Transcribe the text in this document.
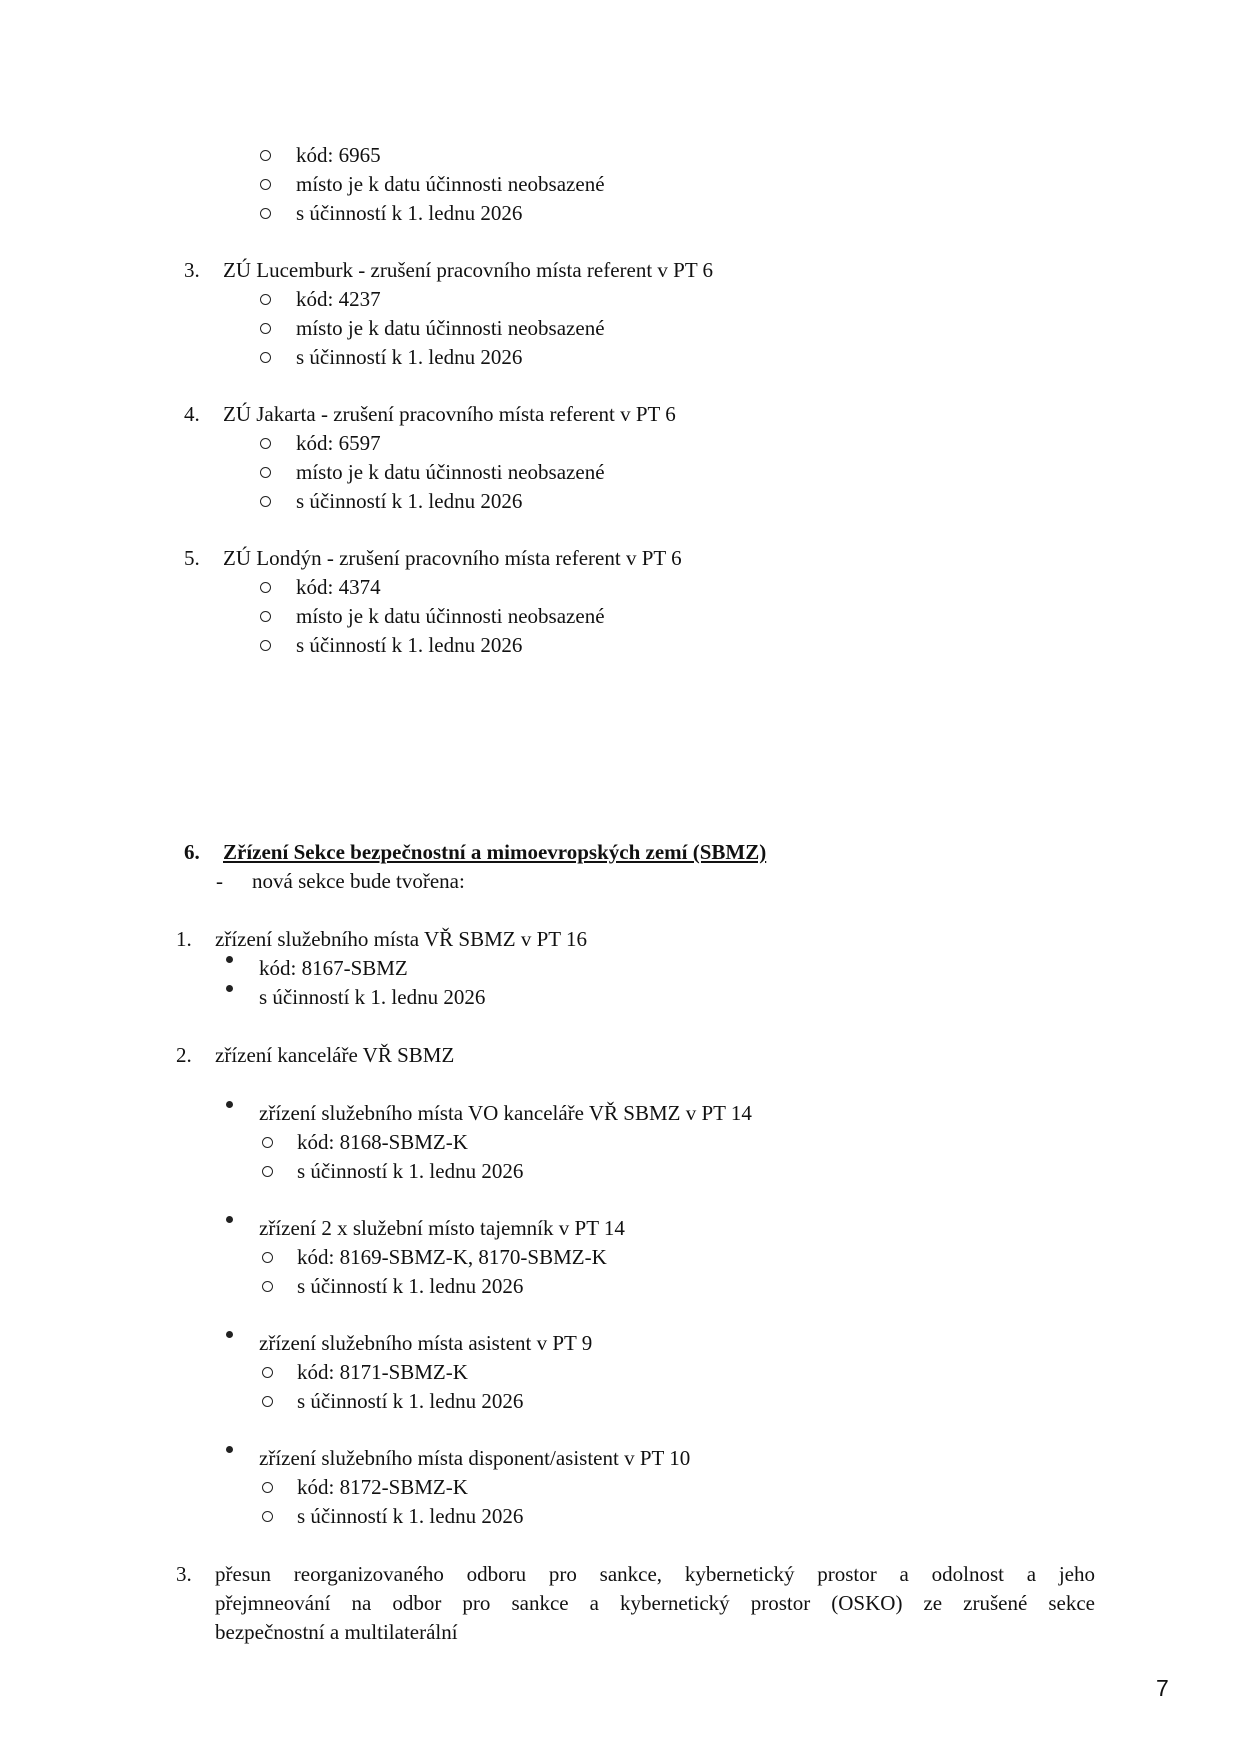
kód: 6965
místo je k datu účinnosti neobsazené
s účinností k 1. lednu 2026
3. ZÚ Lucemburk - zrušení pracovního místa referent v PT 6
kód: 4237
místo je k datu účinnosti neobsazené
s účinností k 1. lednu 2026
4. ZÚ Jakarta - zrušení pracovního místa referent v PT 6
kód: 6597
místo je k datu účinnosti neobsazené
s účinností k 1. lednu 2026
5. ZÚ Londýn - zrušení pracovního místa referent v PT 6
kód: 4374
místo je k datu účinnosti neobsazené
s účinností k 1. lednu 2026
6. Zřízení Sekce bezpečnostní a mimoevropských zemí (SBMZ)
- nová sekce bude tvořena:
1. zřízení služebního místa VŘ SBMZ v PT 16
kód: 8167-SBMZ
s účinností k 1. lednu 2026
2. zřízení kanceláře VŘ SBMZ
zřízení služebního místa VO kanceláře VŘ SBMZ v PT 14
kód: 8168-SBMZ-K
s účinností k 1. lednu 2026
zřízení 2 x služební místo tajemník v PT 14
kód: 8169-SBMZ-K, 8170-SBMZ-K
s účinností k 1. lednu 2026
zřízení služebního místa asistent v PT 9
kód: 8171-SBMZ-K
s účinností k 1. lednu 2026
zřízení služebního místa disponent/asistent v PT 10
kód: 8172-SBMZ-K
s účinností k 1. lednu 2026
3. přesun reorganizovaného odboru pro sankce, kybernetický prostor a odolnost a jeho
přejmneování na odbor pro sankce a kybernetický prostor (OSKO) ze zrušené sekce
bezpečnostní a multilaterální
7
